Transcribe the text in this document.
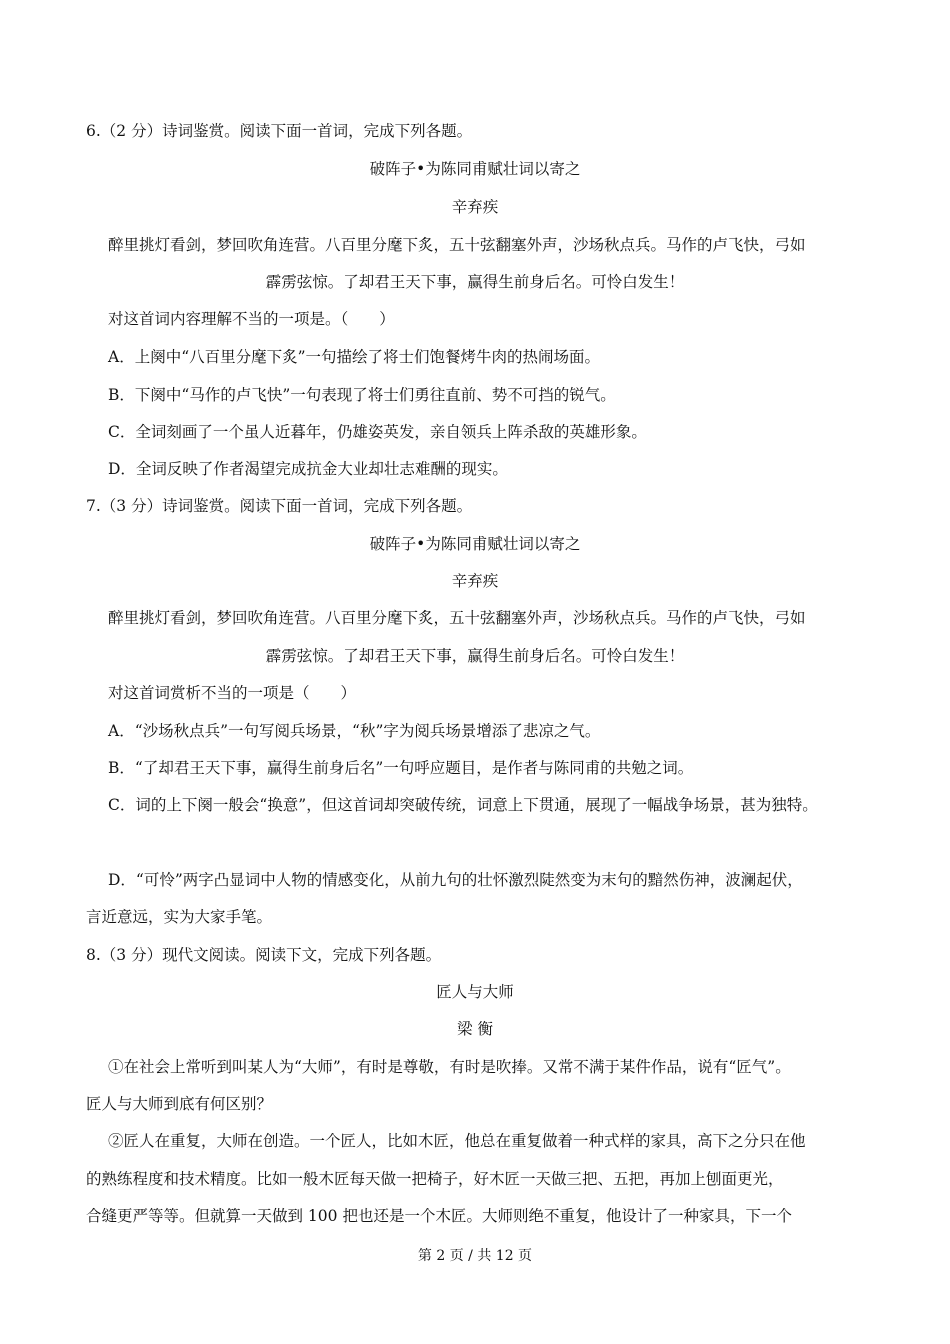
6.（2 分）诗词鉴赏。阅读下面一首词，完成下列各题。
破阵子•为陈同甫赋壮词以寄之
辛弃疾
醉里挑灯看剑，梦回吹角连营。八百里分麾下炙，五十弦翻塞外声，沙场秋点兵。马作的卢飞快，弓如
霹雳弦惊。了却君王天下事，赢得生前身后名。可怜白发生！
对这首词内容理解不当的一项是。（　　）
A．上阕中“八百里分麾下炙”一句描绘了将士们饱餐烤牛肉的热闹场面。
B．下阕中“马作的卢飞快”一句表现了将士们勇往直前、势不可挡的锐气。
C．全词刻画了一个虽人近暮年，仍雄姿英发，亲自领兵上阵杀敌的英雄形象。
D．全词反映了作者渴望完成抗金大业却壮志难酬的现实。
7.（3 分）诗词鉴赏。阅读下面一首词，完成下列各题。
破阵子•为陈同甫赋壮词以寄之
辛弃疾
醉里挑灯看剑，梦回吹角连营。八百里分麾下炙，五十弦翻塞外声，沙场秋点兵。马作的卢飞快，弓如
霹雳弦惊。了却君王天下事，赢得生前身后名。可怜白发生！
对这首词赏析不当的一项是（　　）
A．“沙场秋点兵”一句写阅兵场景，“秋”字为阅兵场景增添了悲凉之气。
B．“了却君王天下事，赢得生前身后名”一句呼应题目，是作者与陈同甫的共勉之词。
C．词的上下阕一般会“换意”，但这首词却突破传统，词意上下贯通，展现了一幅战争场景，甚为独特。
D．“可怜”两字凸显词中人物的情感变化，从前九句的壮怀激烈陡然变为末句的黯然伤神，波澜起伏，
言近意远，实为大家手笔。
8.（3 分）现代文阅读。阅读下文，完成下列各题。
匠人与大师
梁 衡
①在社会上常听到叫某人为“大师”，有时是尊敬，有时是吹捧。又常不满于某件作品，说有“匠气”。
匠人与大师到底有何区别？
②匠人在重复，大师在创造。一个匠人，比如木匠，他总在重复做着一种式样的家具，高下之分只在他
的熟练程度和技术精度。比如一般木匠每天做一把椅子，好木匠一天做三把、五把，再加上刨面更光，
合缝更严等等。但就算一天做到 100 把也还是一个木匠。大师则绝不重复，他设计了一种家具，下一个
第 2 页 / 共 12 页
